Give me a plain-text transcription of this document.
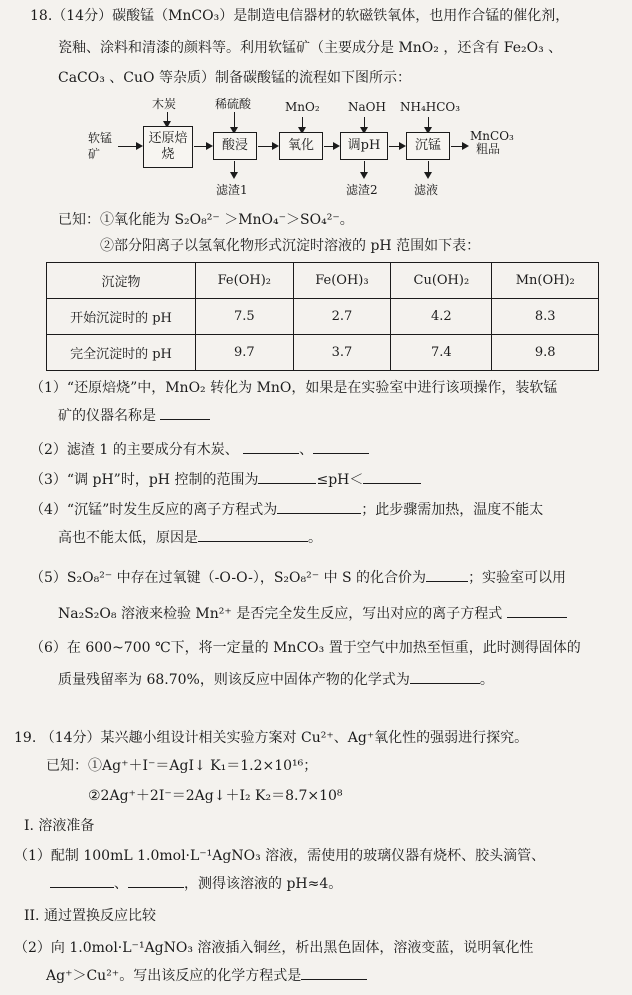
18.（14分）碳酸锰（MnCO₃）是制造电信器材的软磁铁氧体，也用作合锰的催化剂，
瓷釉、涂料和清漆的颜料等。利用软锰矿（主要成分是 MnO₂ ，还含有 Fe₂O₃ 、
CaCO₃ 、CuO 等杂质）制备碳酸锰的流程如下图所示：
软锰矿
木炭	稀硫酸	MnO₂ NaOH NH₄HCO₃
还原焙烧
酸浸	氧化	调pH	沉锰
滤渣1	滤渣2	滤液
MnCO₃
粗品
已知：①氧化能为 S₂O₈²⁻ ＞MnO₄⁻＞SO₄²⁻。
②部分阳离子以氢氧化物形式沉淀时溶液的 pH 范围如下表：
沉淀物	Fe(OH)₂	Fe(OH)₃	Cu(OH)₂	Mn(OH)₂
开始沉淀时的 pH	7.5	2.7	4.2	8.3
完全沉淀时的 pH	9.7	3.7	7.4	9.8
（1）“还原焙烧”中，MnO₂ 转化为 MnO，如果是在实验室中进行该项操作，装软锰
矿的仪器名称是
（2）滤渣 1 的主要成分有木炭、	、
（3）“调 pH”时，pH 控制的范围为	≤pH＜
（4）“沉锰”时发生反应的离子方程式为	；此步骤需加热，温度不能太
高也不能太低，原因是	。
（5）S₂O₈²⁻ 中存在过氧键（-O-O-），S₂O₈²⁻ 中 S 的化合价为	；实验室可以用
Na₂S₂O₈ 溶液来检验 Mn²⁺ 是否完全发生反应，写出对应的离子方程式
（6）在 600~700 ℃下，将一定量的 MnCO₃ 置于空气中加热至恒重，此时测得固体的
质量残留率为 68.70%，则该反应中固体产物的化学式为	。
19. （14分）某兴趣小组设计相关实验方案对 Cu²⁺、Ag⁺氧化性的强弱进行探究。
已知：①Ag⁺＋I⁻＝AgI↓ K₁＝1.2×10¹⁶；
②2Ag⁺＋2I⁻＝2Ag↓＋I₂ K₂＝8.7×10⁸
I. 溶液准备
（1）配制 100mL 1.0mol·L⁻¹AgNO₃ 溶液，需使用的玻璃仪器有烧杯、胶头滴管、
、	，测得该溶液的 pH≈4。
II. 通过置换反应比较
（2）向 1.0mol·L⁻¹AgNO₃ 溶液插入铜丝，析出黑色固体，溶液变蓝，说明氧化性
Ag⁺＞Cu²⁺。写出该反应的化学方程式是
